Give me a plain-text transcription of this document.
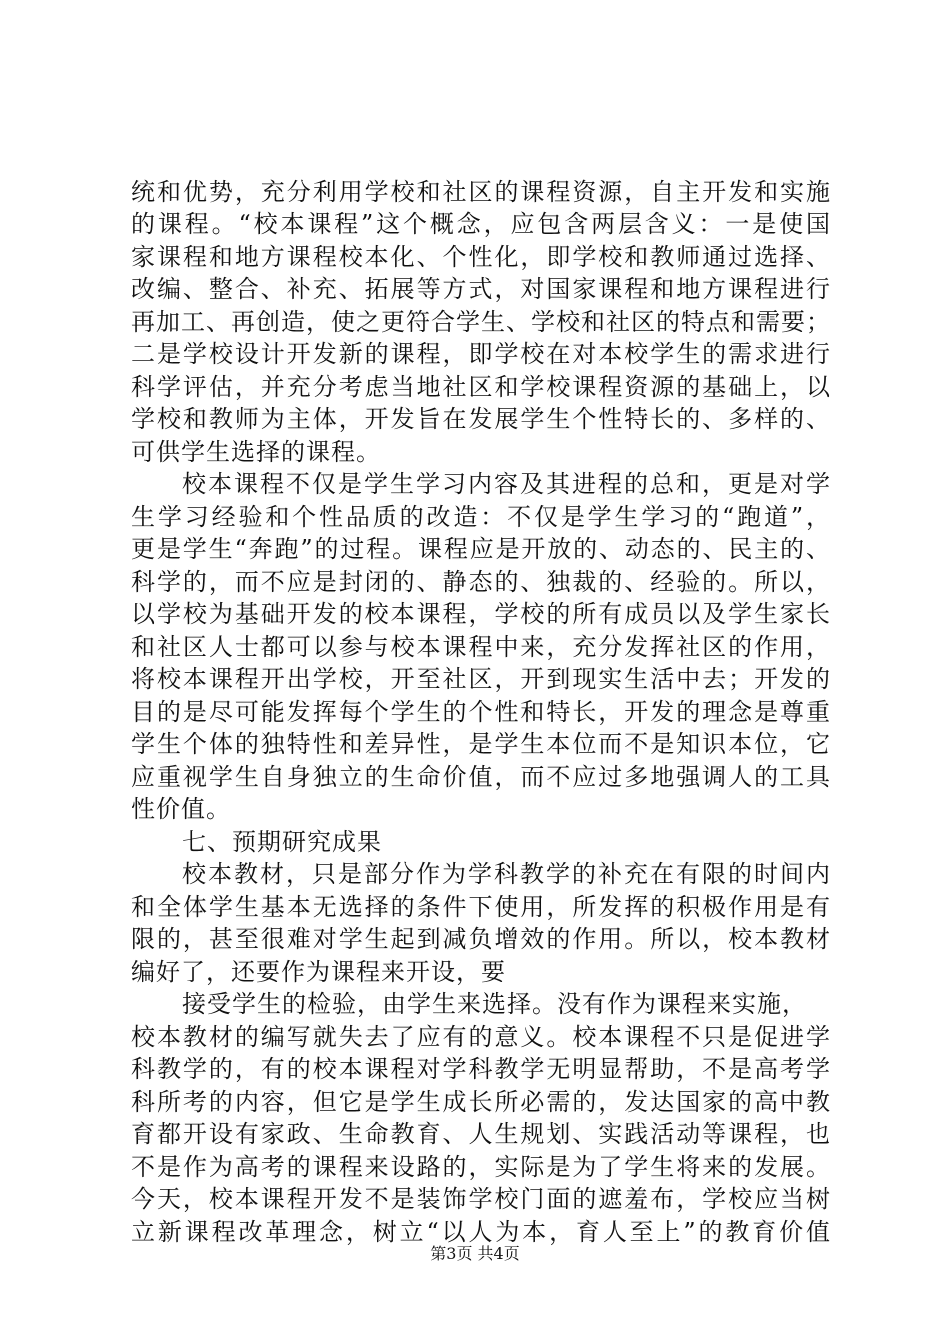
统和优势，充分利用学校和社区的课程资源，自主开发和实施
的课程。“校本课程”这个概念，应包含两层含义：一是使国
家课程和地方课程校本化、个性化，即学校和教师通过选择、
改编、整合、补充、拓展等方式，对国家课程和地方课程进行
再加工、再创造，使之更符合学生、学校和社区的特点和需要；
二是学校设计开发新的课程，即学校在对本校学生的需求进行
科学评估，并充分考虑当地社区和学校课程资源的基础上，以
学校和教师为主体，开发旨在发展学生个性特长的、多样的、
可供学生选择的课程。
校本课程不仅是学生学习内容及其进程的总和，更是对学
生学习经验和个性品质的改造：不仅是学生学习的“跑道”，
更是学生“奔跑”的过程。课程应是开放的、动态的、民主的、
科学的，而不应是封闭的、静态的、独裁的、经验的。所以，
以学校为基础开发的校本课程，学校的所有成员以及学生家长
和社区人士都可以参与校本课程中来，充分发挥社区的作用，
将校本课程开出学校，开至社区，开到现实生活中去；开发的
目的是尽可能发挥每个学生的个性和特长，开发的理念是尊重
学生个体的独特性和差异性，是学生本位而不是知识本位，它
应重视学生自身独立的生命价值，而不应过多地强调人的工具
性价值。
七、预期研究成果
校本教材，只是部分作为学科教学的补充在有限的时间内
和全体学生基本无选择的条件下使用，所发挥的积极作用是有
限的，甚至很难对学生起到减负增效的作用。所以，校本教材
编好了，还要作为课程来开设，要
接受学生的检验，由学生来选择。没有作为课程来实施，
校本教材的编写就失去了应有的意义。校本课程不只是促进学
科教学的，有的校本课程对学科教学无明显帮助，不是高考学
科所考的内容，但它是学生成长所必需的，发达国家的高中教
育都开设有家政、生命教育、人生规划、实践活动等课程，也
不是作为高考的课程来设路的，实际是为了学生将来的发展。
今天，校本课程开发不是装饰学校门面的遮羞布，学校应当树
立新课程改革理念，树立“以人为本，育人至上”的教育价值
第3页 共4页
